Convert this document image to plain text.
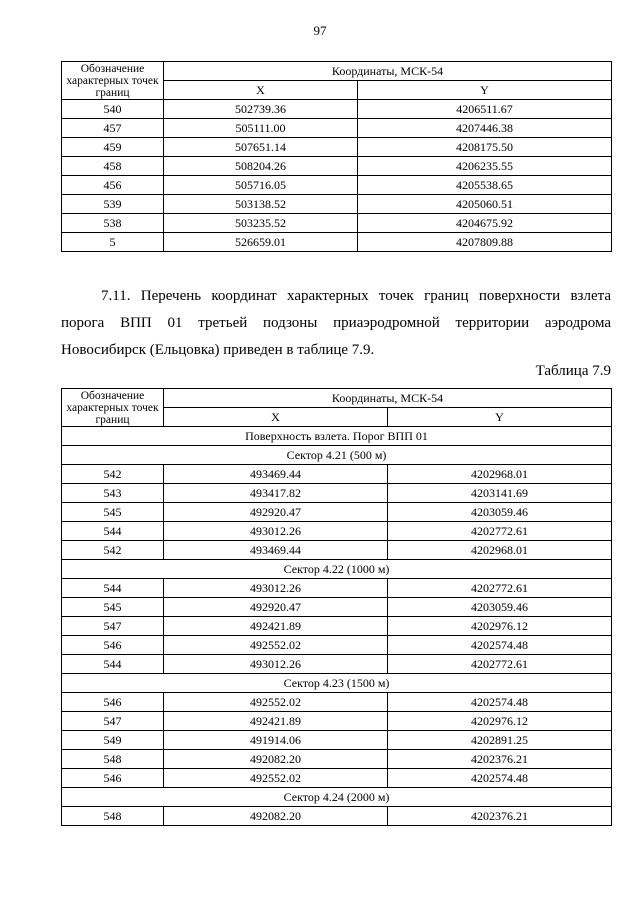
97
Обозначение характерных точек границ	Координаты, МСК-54	
	X	Y
540	502739.36	4206511.67
457	505111.00	4207446.38
459	507651.14	4208175.50
458	508204.26	4206235.55
456	505716.05	4205538.65
539	503138.52	4205060.51
538	503235.52	4204675.92
5	526659.01	4207809.88
7.11. Перечень координат характерных точек границ поверхности взлета
порога ВПП 01 третьей подзоны приаэродромной территории аэродрома
Новосибирск (Ельцовка) приведен в таблице 7.9.
Таблица 7.9
Обозначение характерных точек границ	Координаты, МСК-54	
	X	Y
Поверхность взлета. Порог ВПП 01		
Сектор 4.21 (500 м)		
542	493469.44	4202968.01
543	493417.82	4203141.69
545	492920.47	4203059.46
544	493012.26	4202772.61
542	493469.44	4202968.01
Сектор 4.22 (1000 м)		
544	493012.26	4202772.61
545	492920.47	4203059.46
547	492421.89	4202976.12
546	492552.02	4202574.48
544	493012.26	4202772.61
Сектор 4.23 (1500 м)		
546	492552.02	4202574.48
547	492421.89	4202976.12
549	491914.06	4202891.25
548	492082.20	4202376.21
546	492552.02	4202574.48
Сектор 4.24 (2000 м)		
548	492082.20	4202376.21
